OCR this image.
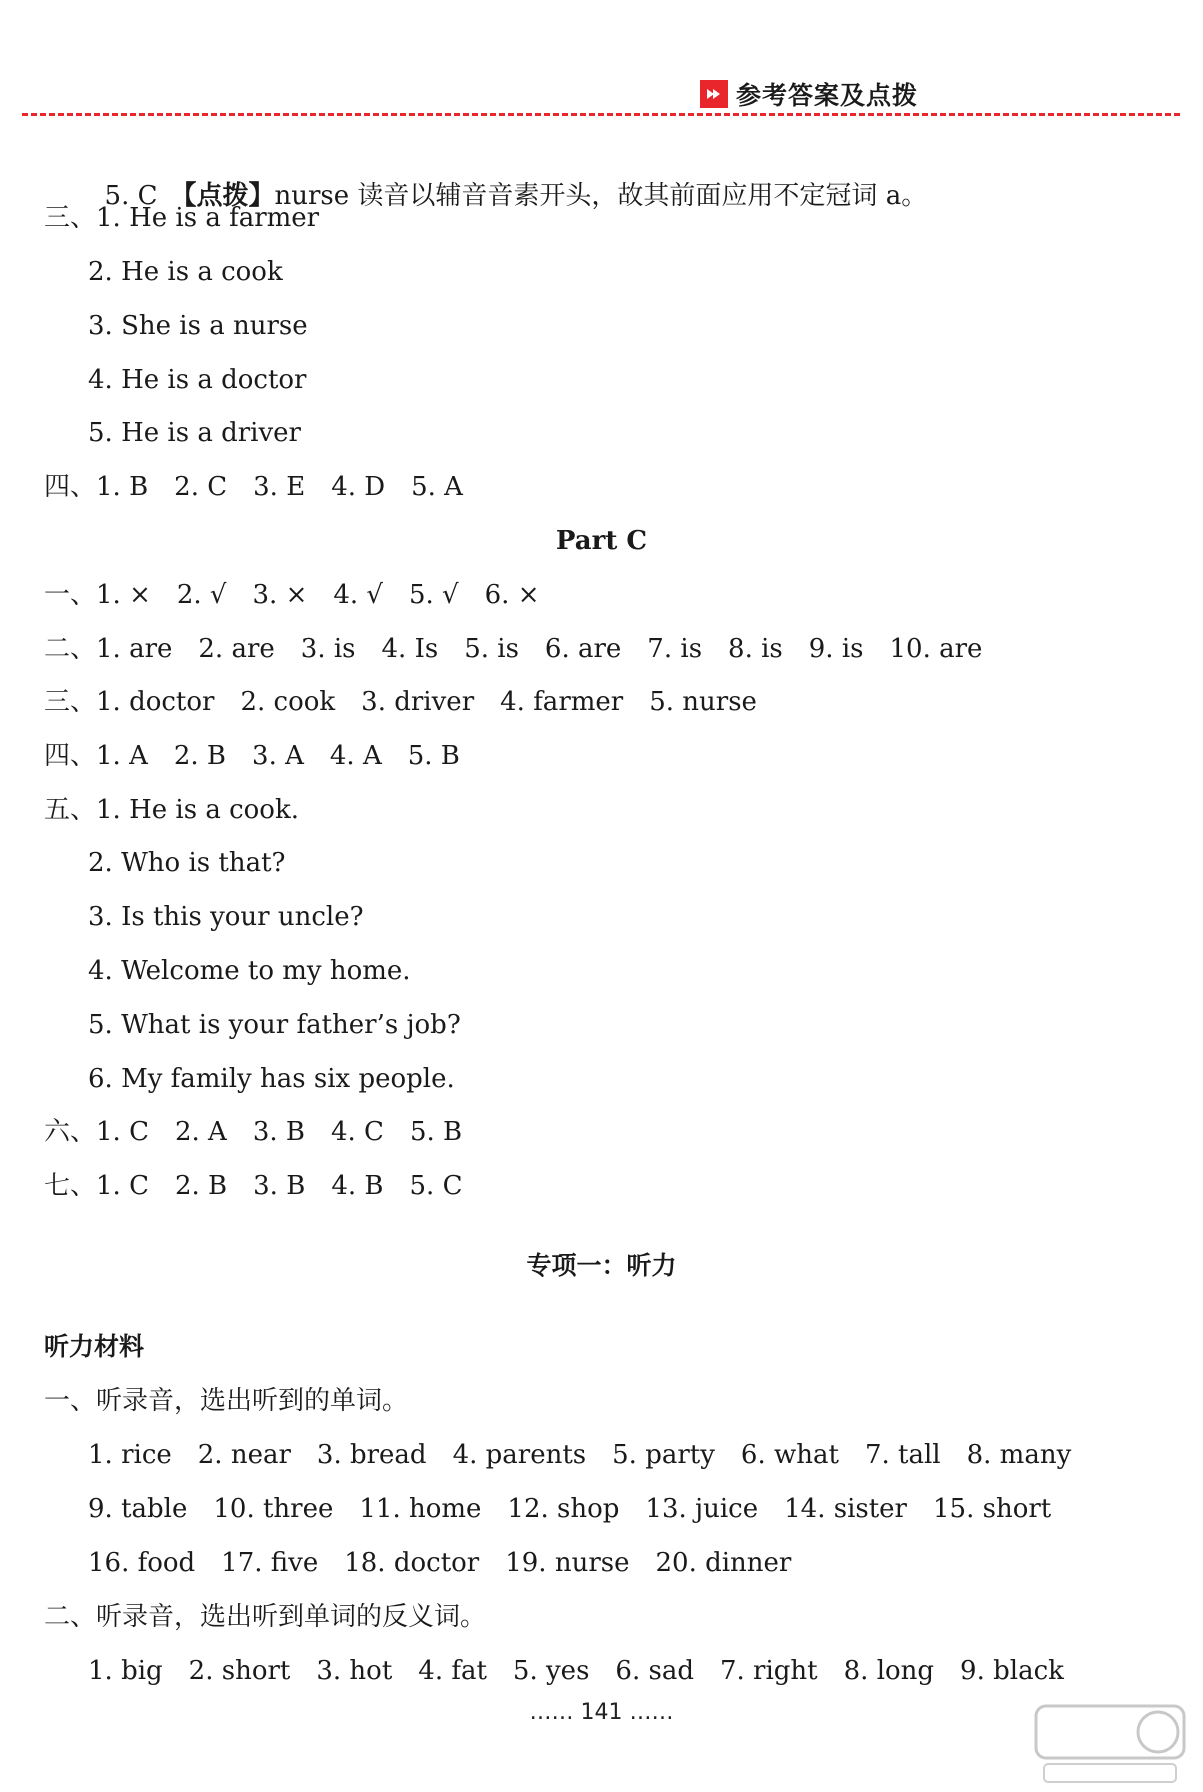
参考答案及点拨

5. C　【点拨】nurse 读音以辅音音素开头，故其前面应用不定冠词 a。

三、1. He is a farmer
2. He is a cook
3. She is a nurse
4. He is a doctor
5. He is a driver
四、1. B　2. C　3. E　4. D　5. A
Part C
一、1. ×　2. √　3. ×　4. √　5. √　6. ×
二、1. are　2. are　3. is　4. Is　5. is　6. are　7. is　8. is　9. is　10. are
三、1. doctor　2. cook　3. driver　4. farmer　5. nurse
四、1. A　2. B　3. A　4. A　5. B
五、1. He is a cook.
2. Who is that?
3. Is this your uncle?
4. Welcome to my home.
5. What is your father’s job?
6. My family has six people.
六、1. C　2. A　3. B　4. C　5. B
七、1. C　2. B　3. B　4. B　5. C
专项一：听力
听力材料
一、听录音，选出听到的单词。
1. rice　2. near　3. bread　4. parents　5. party　6. what　7. tall　8. many
9. table　10. three　11. home　12. shop　13. juice　14. sister　15. short
16. food　17. five　18. doctor　19. nurse　20. dinner
二、听录音，选出听到单词的反义词。
1. big　2. short　3. hot　4. fat　5. yes　6. sad　7. right　8. long　9. black
…… 141 ……
